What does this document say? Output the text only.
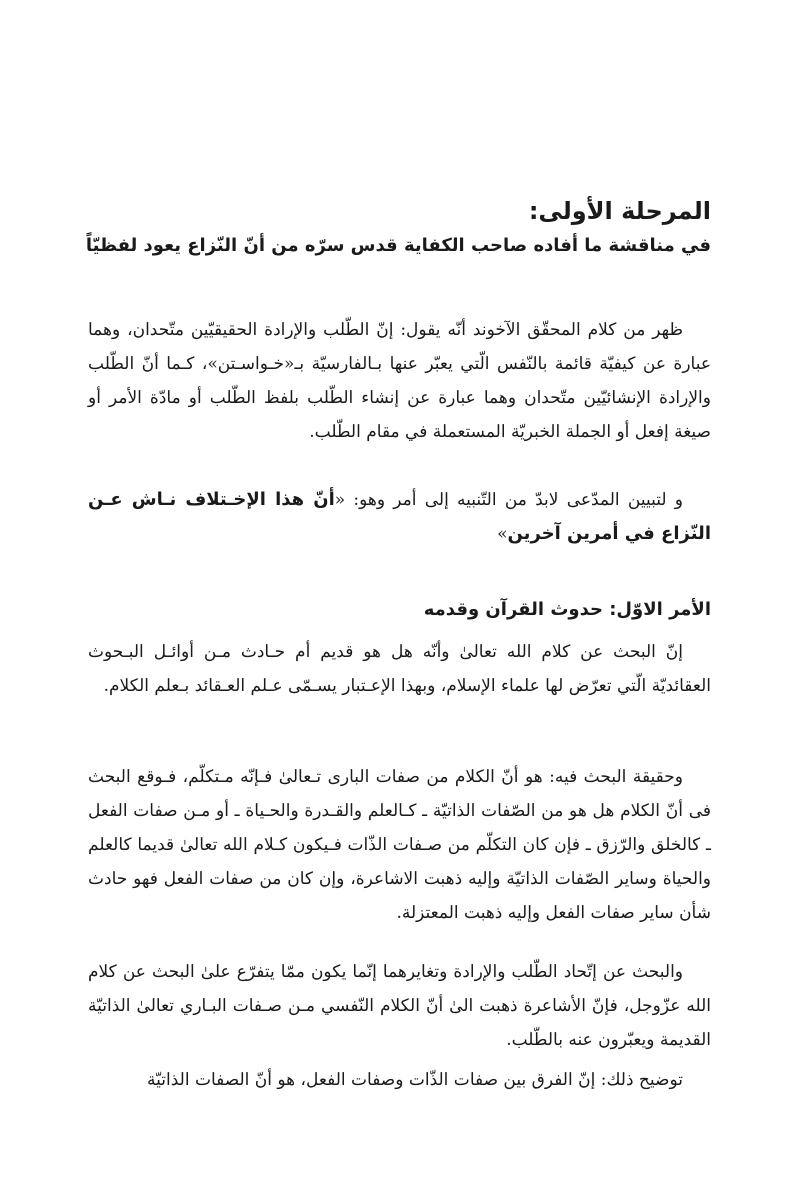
المرحلة الأولى:
في مناقشة ما أفاده صاحب الكفاية قدس سرّه من أنّ النّزاع يعود لفظيّاً

ظهر من كلام المحقّق الآخوند أنّه يقول: إنّ الطّلب والإرادة الحقيقيّين متّحدان، وهما عبارة عن كيفيّة قائمة بالنّفس الّتي يعبّر عنها بـالفارسيّة بـ«خـواسـتن»، كـما أنّ الطّلب والإرادة الإنشائيّين متّحدان وهما عبارة عن إنشاء الطّلب بلفظ الطّلب أو مادّة الأمر أو صيغة إفعل أو الجملة الخبريّة المستعملة في مقام الطّلب.

و لتبيين المدّعى لابدّ من التّنبيه إلى أمر وهو: «أنّ هذا الإخـتلاف نـاش عـن النّزاع في أمرين آخرين»

الأمر الاوّل: حدوث القرآن وقدمه

إنّ البحث عن كلام الله تعالىٰ وأنّه هل هو قديم أم حـادث مـن أوائـل البـحوث العقائديّة الّتي تعرّض لها علماء الإسلام، وبهذا الإعـتبار يسـمّى عـلم العـقائد بـعلم الكلام.

وحقيقة البحث فيه: هو أنّ الكلام من صفات البارى تـعالىٰ فـإنّه مـتكلّم، فـوقع البحث فى أنّ الكلام هل هو من الصّفات الذاتيّة ـ كـالعلم والقـدرة والحـياة ـ أو مـن صفات الفعل ـ كالخلق والرّزق ـ فإن كان التكلّم من صـفات الذّات فـيكون كـلام الله تعالىٰ قديما كالعلم والحياة وساير الصّفات الذاتيّة وإليه ذهبت الاشاعرة، وإن كان من صفات الفعل فهو حادث شأن ساير صفات الفعل وإليه ذهبت المعتزلة.

والبحث عن إتّحاد الطّلب والإرادة وتغايرهما إنّما يكون ممّا يتفرّع علىٰ البحث عن كلام الله عزّوجل، فإنّ الأشاعرة ذهبت الىٰ أنّ الكلام النّفسي مـن صـفات البـاري تعالىٰ الذاتيّة القديمة ويعبّرون عنه بالطّلب.

توضيح ذلك: إنّ الفرق بين صفات الذّات وصفات الفعل، هو أنّ الصفات الذاتيّة
